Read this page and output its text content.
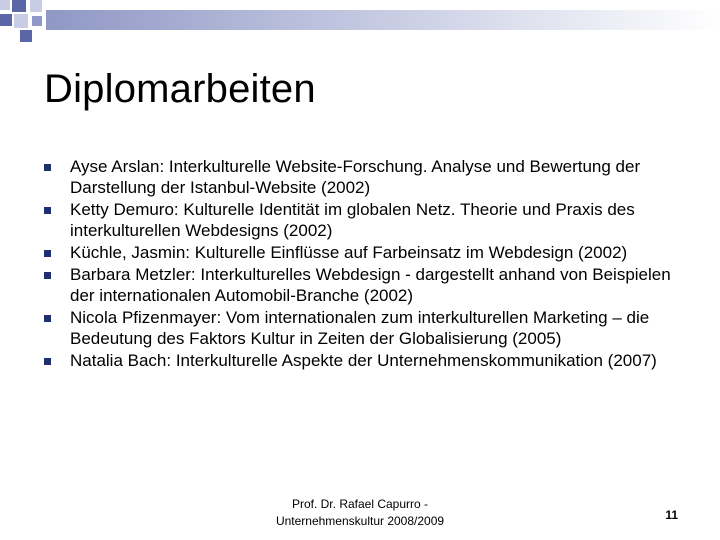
Diplomarbeiten
Ayse Arslan: Interkulturelle Website-Forschung. Analyse und Bewertung der Darstellung der Istanbul-Website (2002)
Ketty Demuro: Kulturelle Identität im globalen Netz. Theorie und Praxis des interkulturellen Webdesigns (2002)
Küchle, Jasmin: Kulturelle Einflüsse auf Farbeinsatz im Webdesign (2002)
Barbara Metzler: Interkulturelles Webdesign - dargestellt anhand von Beispielen der internationalen Automobil-Branche (2002)
Nicola Pfizenmayer: Vom internationalen zum interkulturellen Marketing – die Bedeutung des Faktors Kultur in Zeiten der Globalisierung (2005)
Natalia Bach: Interkulturelle Aspekte der Unternehmenskommunikation (2007)
Prof. Dr. Rafael Capurro -
Unternehmenskultur 2008/2009	11
